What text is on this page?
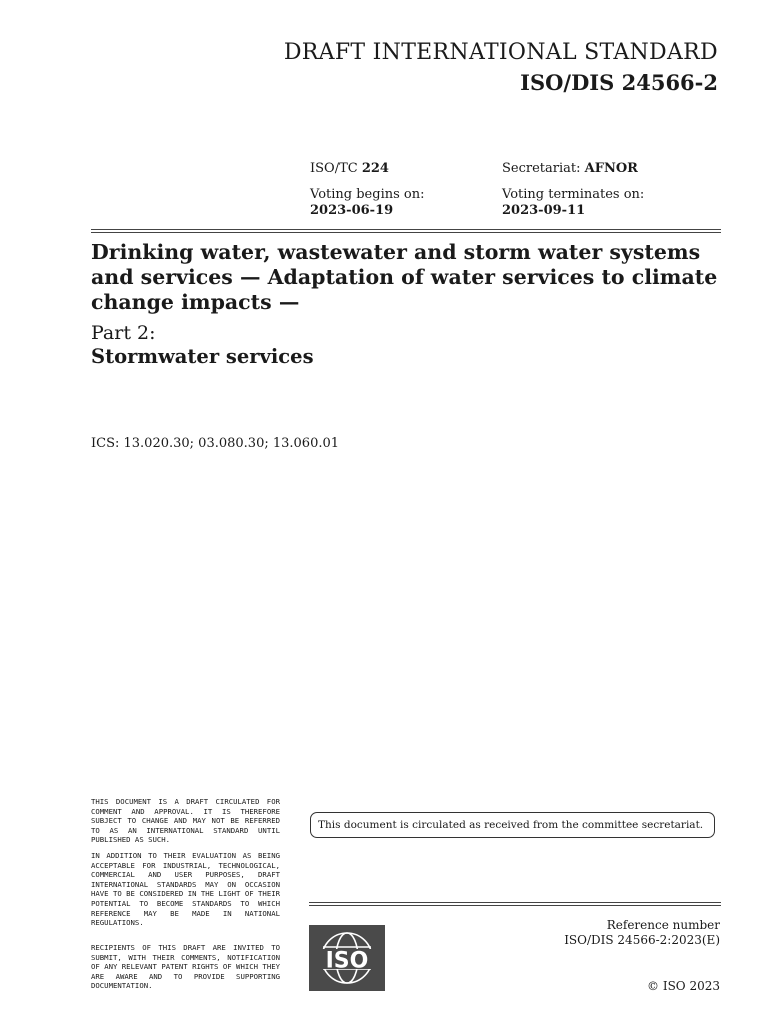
DRAFT INTERNATIONAL STANDARD
ISO/DIS 24566-2
ISO/TC 224	Secretariat: AFNOR
Voting begins on:
2023-06-19
Voting terminates on:
2023-09-11
Drinking water, wastewater and storm water systems and services — Adaptation of water services to climate change impacts —
Part 2:
Stormwater services
ICS: 13.020.30; 03.080.30; 13.060.01
THIS DOCUMENT IS A DRAFT CIRCULATED FOR COMMENT AND APPROVAL. IT IS THEREFORE SUBJECT TO CHANGE AND MAY NOT BE REFERRED TO AS AN INTERNATIONAL STANDARD UNTIL PUBLISHED AS SUCH.
IN ADDITION TO THEIR EVALUATION AS BEING ACCEPTABLE FOR INDUSTRIAL, TECHNOLOGICAL, COMMERCIAL AND USER PURPOSES, DRAFT INTERNATIONAL STANDARDS MAY ON OCCASION HAVE TO BE CONSIDERED IN THE LIGHT OF THEIR POTENTIAL TO BECOME STANDARDS TO WHICH REFERENCE MAY BE MADE IN NATIONAL REGULATIONS.
RECIPIENTS OF THIS DRAFT ARE INVITED TO SUBMIT, WITH THEIR COMMENTS, NOTIFICATION OF ANY RELEVANT PATENT RIGHTS OF WHICH THEY ARE AWARE AND TO PROVIDE SUPPORTING DOCUMENTATION.
This document is circulated as received from the committee secretariat.
Reference number
ISO/DIS 24566-2:2023(E)
ISO
© ISO 2023
